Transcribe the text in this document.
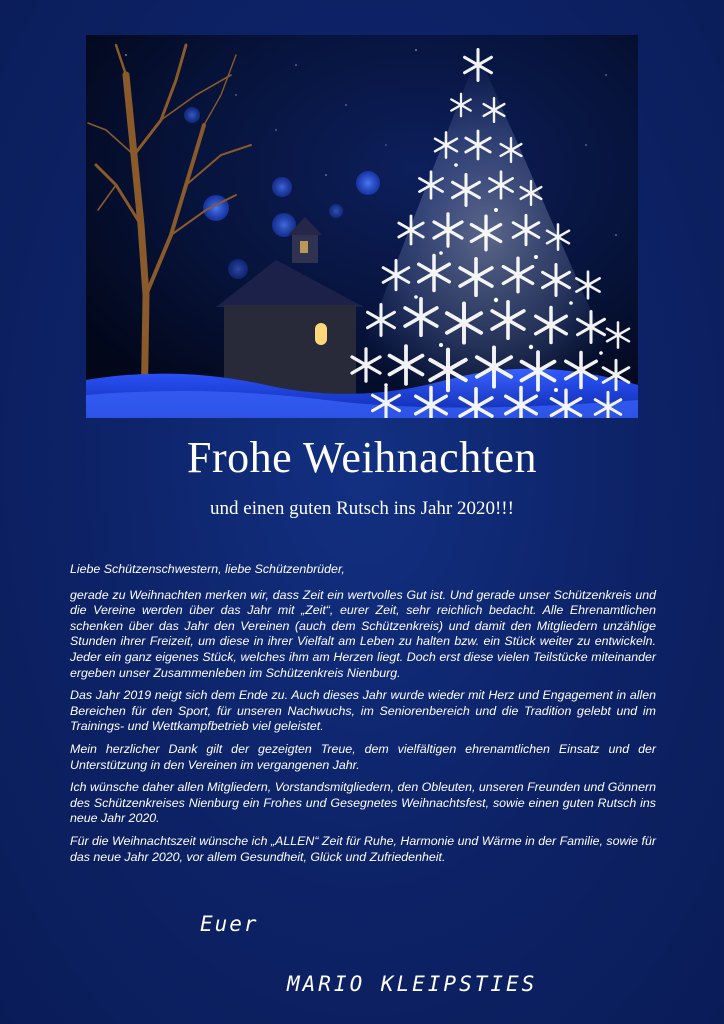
Frohe Weihnachten
und einen guten Rutsch ins Jahr 2020!!!

Liebe Schützenschwestern, liebe Schützenbrüder,

gerade zu Weihnachten merken wir, dass Zeit ein wertvolles Gut ist. Und gerade unser Schützenkreis und die Vereine werden über das Jahr mit „Zeit“, eurer Zeit, sehr reichlich bedacht. Alle Ehrenamtlichen schenken über das Jahr den Vereinen (auch dem Schützenkreis) und damit den Mitgliedern unzählige Stunden ihrer Freizeit, um diese in ihrer Vielfalt am Leben zu halten bzw. ein Stück weiter zu entwickeln. Jeder ein ganz eigenes Stück, welches ihm am Herzen liegt. Doch erst diese vielen Teilstücke miteinander ergeben unser Zusammenleben im Schützenkreis Nienburg.

Das Jahr 2019 neigt sich dem Ende zu. Auch dieses Jahr wurde wieder mit Herz und Engagement in allen Bereichen für den Sport, für unseren Nachwuchs, im Seniorenbereich und die Tradition gelebt und im Trainings- und Wettkampfbetrieb viel geleistet.

Mein herzlicher Dank gilt der gezeigten Treue, dem vielfältigen ehrenamtlichen Einsatz und der Unterstützung in den Vereinen im vergangenen Jahr.

Ich wünsche daher allen Mitgliedern, Vorstandsmitgliedern, den Obleuten, unseren Freunden und Gönnern des Schützenkreises Nienburg ein Frohes und Gesegnetes Weihnachtsfest, sowie einen guten Rutsch ins neue Jahr 2020.

Für die Weihnachtszeit wünsche ich „ALLEN“ Zeit für Ruhe, Harmonie und Wärme in der Familie, sowie für das neue Jahr 2020, vor allem Gesundheit, Glück und Zufriedenheit.

Euer
MARIO KLEIPSTIES
